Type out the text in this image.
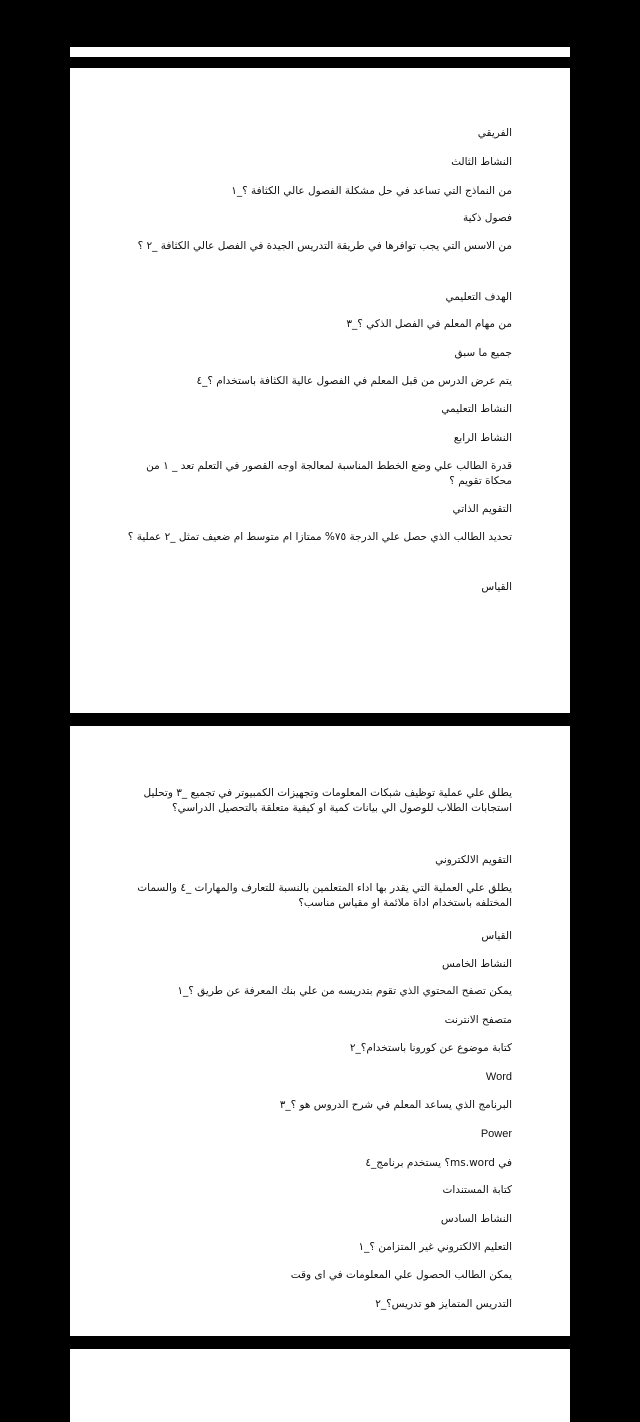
الفريقي
النشاط الثالث
من النماذج التي تساعد في حل مشكلة الفصول عالي الكثافة ؟_١
فصول ذكية
من الاسس التي يجب توافرها في طريقة التدريس الجيدة في الفصل عالي الكثافة _٢ ؟
الهدف التعليمي
من مهام المعلم في الفصل الذكي ؟_٣
جميع ما سبق
يتم عرض الدرس من قبل المعلم في الفصول عالية الكثافة باستخدام ؟_٤
النشاط التعليمي
النشاط الرابع
قدرة الطالب علي وضع الخطط المناسبة لمعالجة اوجه القصور في التعلم تعد _ ١ من محكاة تقويم ؟
التقويم الذاتي
تحديد الطالب الذي حصل علي الدرجة ٧٥% ممتازا ام متوسط ام ضعيف تمثل _٢ عملية ؟
القياس
يطلق علي عملية توظيف شبكات المعلومات وتجهيزات الكمبيوتر في تجميع _٣ وتحليل استجابات الطلاب للوصول الي بيانات كمية او كيفية متعلقة بالتحصيل الدراسي؟
التقويم الالكتروني
يطلق علي العملية التي يقدر بها اداء المتعلمين بالنسبة للتعارف والمهارات _٤ والسمات المختلفه باستخدام اداة ملائمة او مقياس مناسب؟
القياس
النشاط الخامس
يمكن تصفح المحتوي الذي تقوم بتدريسه من علي بنك المعرفة عن طريق ؟_١
متصفح الانترنت
كتابة موضوع عن كورونا باستخدام؟_٢
Word
البرنامج الذي يساعد المعلم في شرح الدروس هو ؟_٣
Power
في ms.word؟ يستخدم برنامج_٤
كتابة المستندات
النشاط السادس
التعليم الالكتروني غير المتزامن ؟_١
يمكن الطالب الحصول علي المعلومات في اى وقت
التدريس المتمايز هو تدريس؟_٢
